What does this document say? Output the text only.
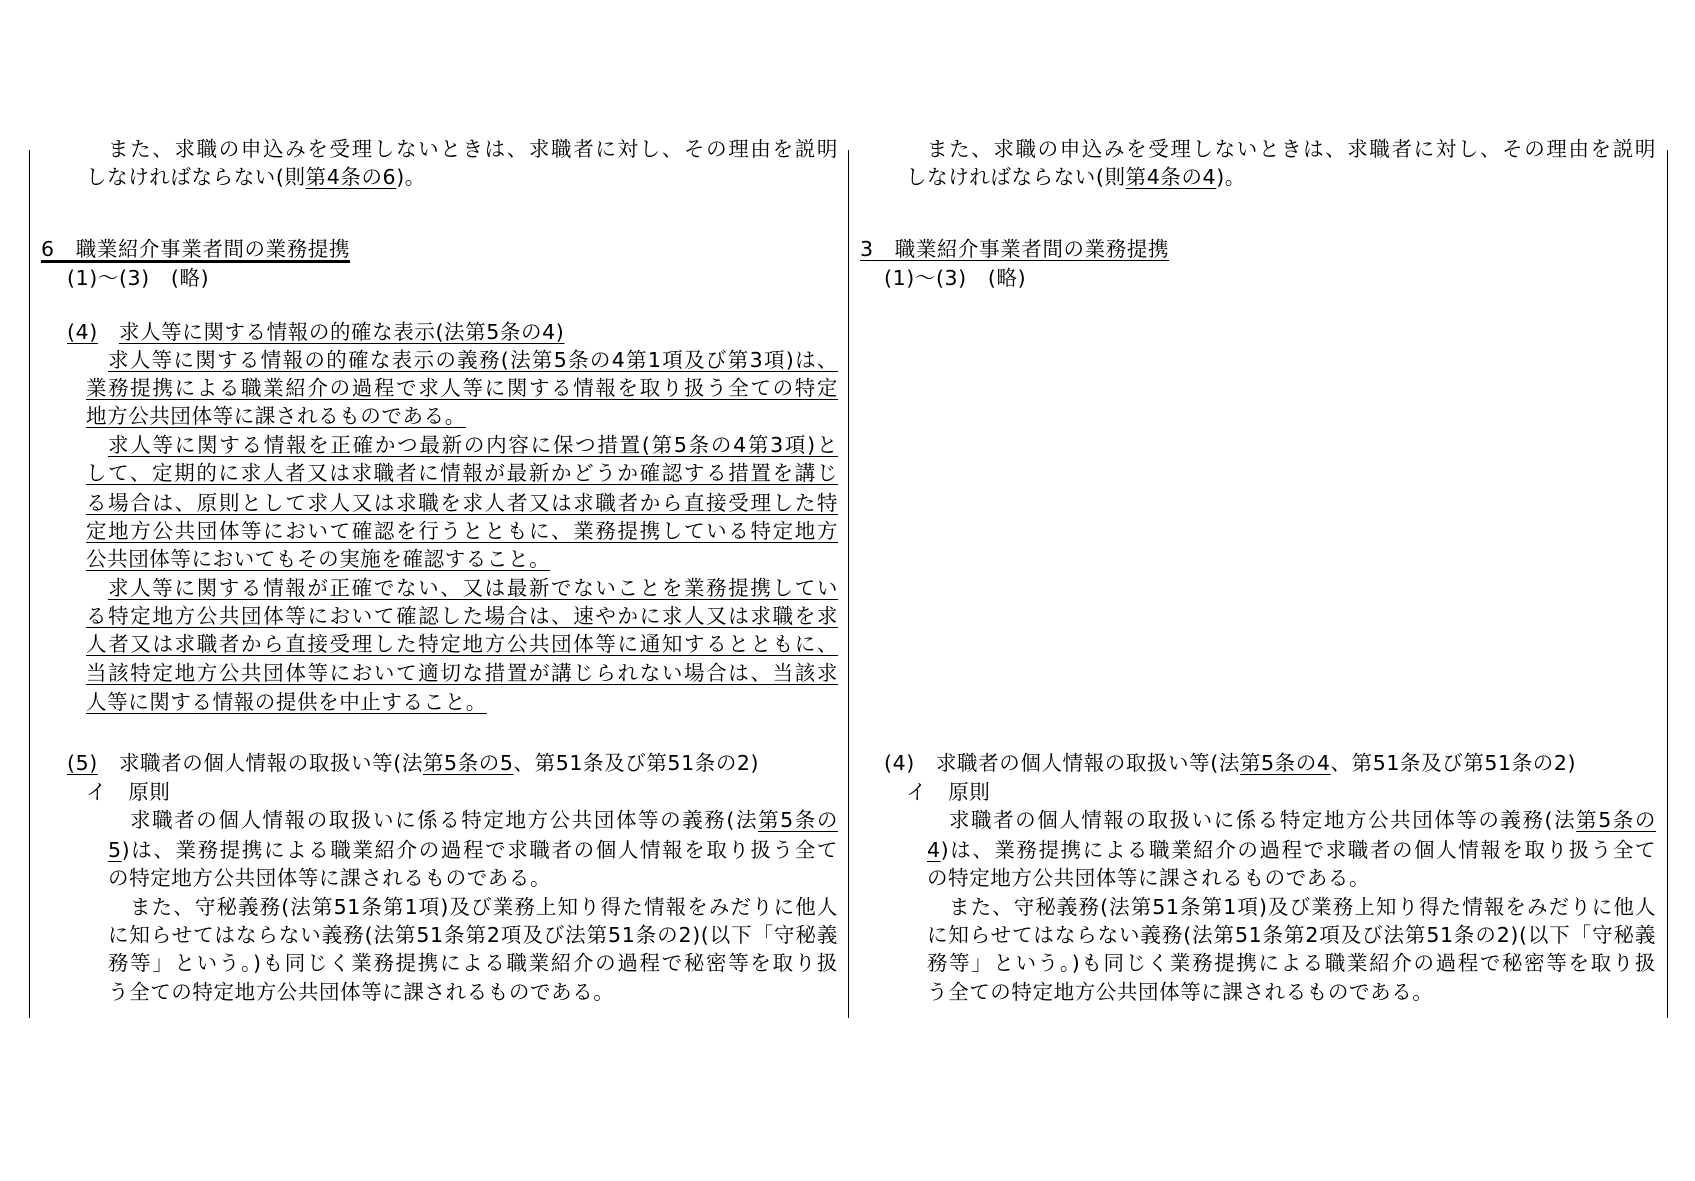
また、求職の申込みを受理しないときは、求職者に対し、その理由を説明
しなければならない(則第4条の6)。
6　職業紹介事業者間の業務提携
(1)～(3)　(略)
(4)　 求人等に関する情報の的確な表示(法第5条の4)
求人等に関する情報の的確な表示の義務(法第5条の4第1項及び第3項)は、
業務提携による職業紹介の過程で求人等に関する情報を取り扱う全ての特定
地方公共団体等に課されるものである。
求人等に関する情報を正確かつ最新の内容に保つ措置(第5条の4第3項)と
して、定期的に求人者又は求職者に情報が最新かどうか確認する措置を講じ
る場合は、原則として求人又は求職を求人者又は求職者から直接受理した特
定地方公共団体等において確認を行うとともに、業務提携している特定地方
公共団体等においてもその実施を確認すること。
求人等に関する情報が正確でない、又は最新でないことを業務提携してい
る特定地方公共団体等において確認した場合は、速やかに求人又は求職を求
人者又は求職者から直接受理した特定地方公共団体等に通知するとともに、
当該特定地方公共団体等において適切な措置が講じられない場合は、当該求
人等に関する情報の提供を中止すること。
(5)　求職者の個人情報の取扱い等(法第5条の5、第51条及び第51条の2)
イ　原則
求職者の個人情報の取扱いに係る特定地方公共団体等の義務(法第5条の
5)は、業務提携による職業紹介の過程で求職者の個人情報を取り扱う全て
の特定地方公共団体等に課されるものである。
また、守秘義務(法第51条第1項)及び業務上知り得た情報をみだりに他人
に知らせてはならない義務(法第51条第2項及び法第51条の2)(以下「守秘義
務等」という。)も同じく業務提携による職業紹介の過程で秘密等を取り扱
う全ての特定地方公共団体等に課されるものである。
また、求職の申込みを受理しないときは、求職者に対し、その理由を説明
しなければならない(則第4条の4)。
3　職業紹介事業者間の業務提携
(1)～(3)　(略)
(4)　求職者の個人情報の取扱い等(法第5条の4、第51条及び第51条の2)
イ　原則
求職者の個人情報の取扱いに係る特定地方公共団体等の義務(法第5条の
4)は、業務提携による職業紹介の過程で求職者の個人情報を取り扱う全て
の特定地方公共団体等に課されるものである。
また、守秘義務(法第51条第1項)及び業務上知り得た情報をみだりに他人
に知らせてはならない義務(法第51条第2項及び法第51条の2)(以下「守秘義
務等」という。)も同じく業務提携による職業紹介の過程で秘密等を取り扱
う全ての特定地方公共団体等に課されるものである。
